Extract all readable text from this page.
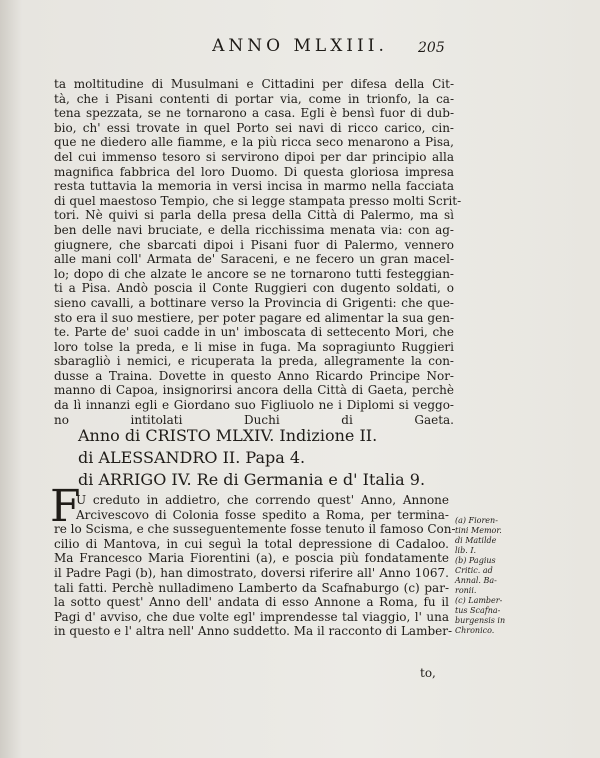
ANNO MLXIII.	205
ta moltitudine di Musulmani e Cittadini per difesa della Cit-
tà, che i Pisani contenti di portar via, come in trionfo, la ca-
tena spezzata, se ne tornarono a casa. Egli è bensì fuor di dub-
bio, ch' essi trovate in quel Porto sei navi di ricco carico, cin-
que ne diedero alle fiamme, e la più ricca seco menarono a Pisa,
del cui immenso tesoro si servirono dipoi per dar principio alla
magnifica fabbrica del loro Duomo. Di questa gloriosa impresa
resta tuttavia la memoria in versi incisa in marmo nella facciata
di quel maestoso Tempio, che si legge stampata presso molti Scrit-
tori. Nè quivi si parla della presa della Città di Palermo, ma sì
ben delle navi bruciate, e della ricchissima menata via: con ag-
giugnere, che sbarcati dipoi i Pisani fuor di Palermo, vennero
alle mani coll' Armata de' Saraceni, e ne fecero un gran macel-
lo; dopo di che alzate le ancore se ne tornarono tutti festeggian-
ti a Pisa. Andò poscia il Conte Ruggieri con dugento soldati, o
sieno cavalli, a bottinare verso la Provincia di Grigenti: che que-
sto era il suo mestiere, per poter pagare ed alimentar la sua gen-
te. Parte de' suoi cadde in un' imboscata di settecento Mori, che
loro tolse la preda, e li mise in fuga. Ma sopragiunto Ruggieri
sbaragliò i nemici, e ricuperata la preda, allegramente la con-
dusse a Traina. Dovette in questo Anno Ricardo Principe Nor-
manno di Capoa, insignorirsi ancora della Città di Gaeta, perchè
da lì innanzi egli e Giordano suo Figliuolo ne i Diplomi si veggo-
no intitolati Duchi di Gaeta.
Anno di CRISTO MLXIV. Indizione II.
di ALESSANDRO II. Papa 4.
di ARRIGO IV. Re di Germania e d' Italia 9.
F
U creduto in addietro, che correndo quest' Anno, Annone
Arcivescovo di Colonia fosse spedito a Roma, per termina-
re lo Scisma, e che susseguentemente fosse tenuto il famoso Con-
cilio di Mantova, in cui seguì la total depressione di Cadaloo.
Ma Francesco Maria Fiorentini (a), e poscia più fondatamente
il Padre Pagi (b), han dimostrato, doversi riferire all' Anno 1067.
tali fatti. Perchè nulladimeno Lamberto da Scafnaburgo (c) par-
la sotto quest' Anno dell' andata di esso Annone a Roma, fu il
Pagi d' avviso, che due volte egl' imprendesse tal viaggio, l' una
in questo e l' altra nell' Anno suddetto. Ma il racconto di Lamber-
(a) Fioren-
tini Memor.
di Matilde
lib. I.
(b) Pagius
Critic. ad
Annal. Ba-
ronii.
(c) Lamber-
tus Scafna-
burgensis in
Chronico.
to,
